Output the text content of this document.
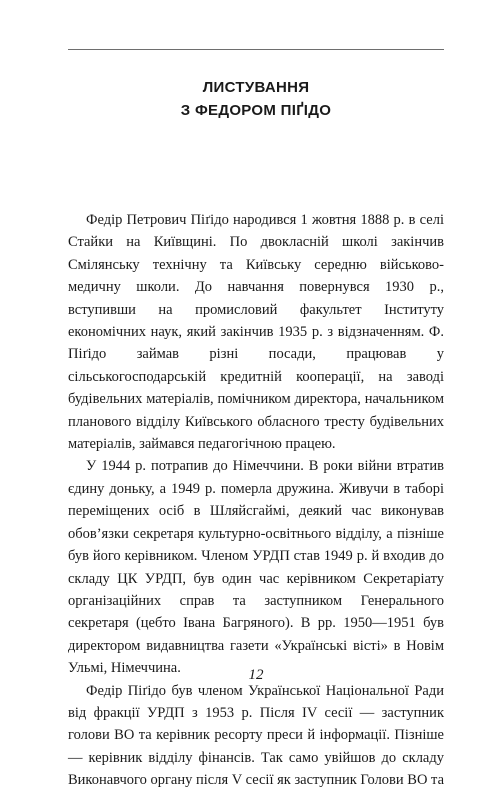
ЛИСТУВАННЯ
З ФЕДОРОМ ПІҐІДО

Федір Петрович Піґідо народився 1 жовтня 1888 р. в селі Стайки на Київщині. По двокласній школі закінчив Смілянську технічну та Київську середню військово-медичну школи. До навчання повернувся 1930 р., вступивши на промисловий факультет Інституту економічних наук, який закінчив 1935 р. з відзначенням. Ф. Піґідо займав різні посади, працював у сільськогосподарській кредитній кооперації, на заводі будівельних матеріалів, помічником директора, начальником планового відділу Київського обласного тресту будівельних матеріалів, займався педагогічною працею.

У 1944 р. потрапив до Німеччини. В роки війни втратив єдину доньку, а 1949 р. померла дружина. Живучи в таборі переміщених осіб в Шляйсгаймі, деякий час виконував обов’язки секретаря культурно-освітнього відділу, а пізніше був його керівником. Членом УРДП став 1949 р. й входив до складу ЦК УРДП, був один час керівником Секретаріату організаційних справ та заступником Генерального секретаря (цебто Івана Багряного). В рр. 1950—1951 був директором видавництва газети «Українські вісті» в Новім Ульмі, Німеччина.

Федір Піґідо був членом Української Національної Ради від фракції УРДП з 1953 р. Після IV сесії — заступник голови ВО та керівник ресорту преси й інформації. Пізніше — керівник відділу фінансів. Так само увійшов до складу Виконавчого органу після V сесії як заступник Голови ВО та

12
